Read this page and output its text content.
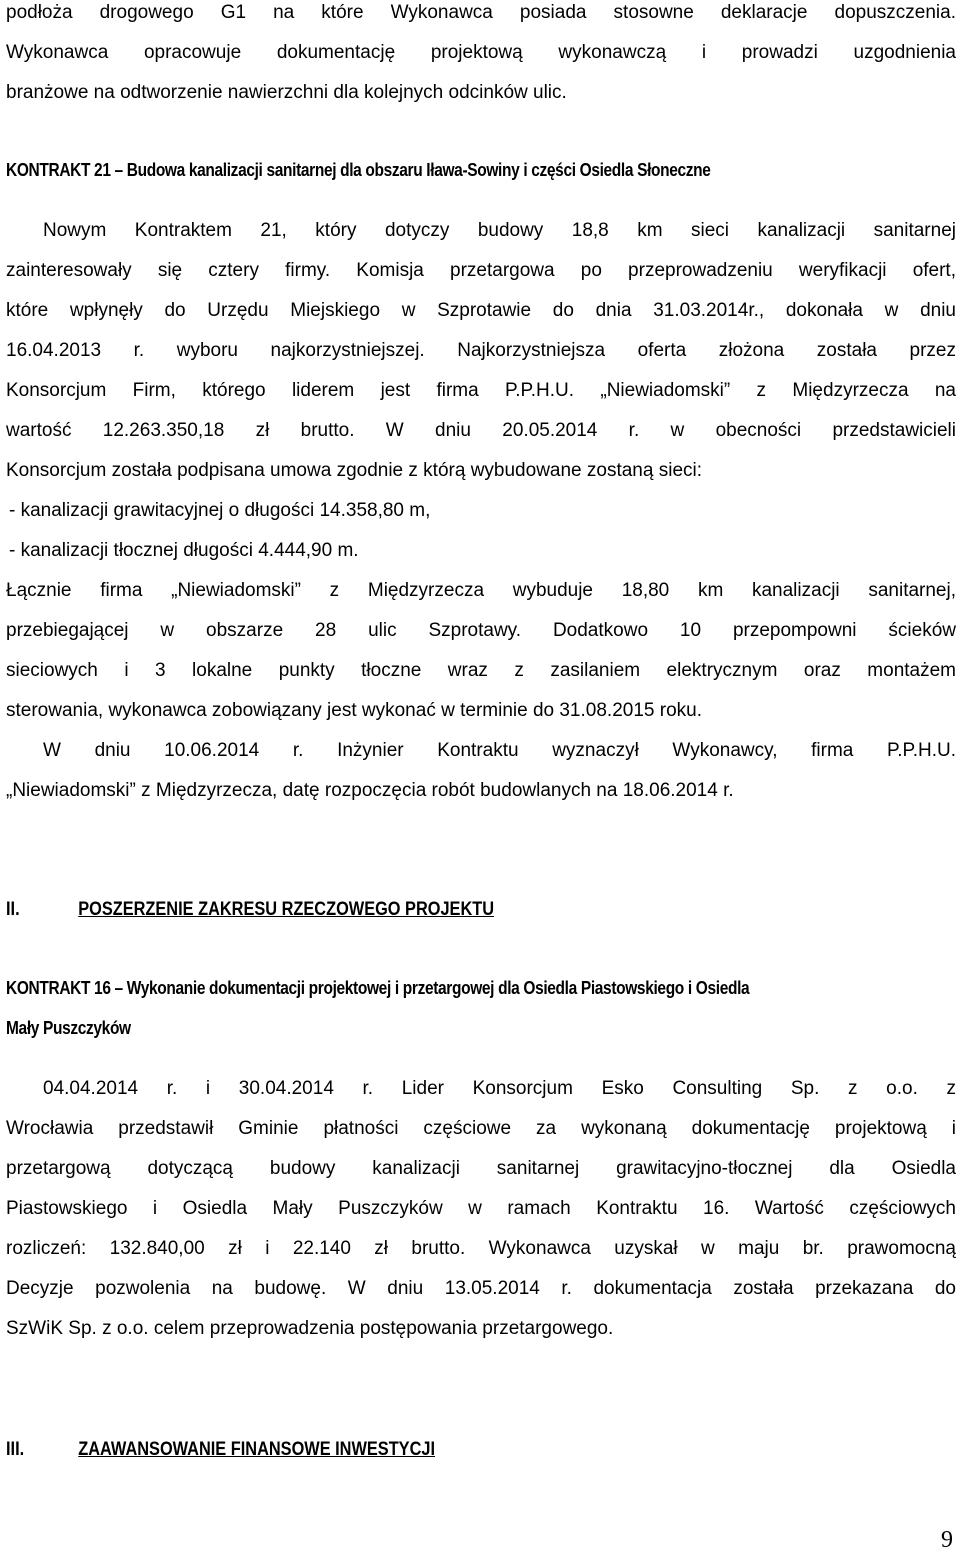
podłoża drogowego G1 na które Wykonawca posiada stosowne deklaracje dopuszczenia.
Wykonawca opracowuje dokumentację projektową wykonawczą i prowadzi uzgodnienia
branżowe na odtworzenie nawierzchni dla kolejnych odcinków ulic.
KONTRAKT 21 – Budowa kanalizacji sanitarnej dla obszaru Iława-Sowiny i części Osiedla Słoneczne
Nowym Kontraktem 21, który dotyczy budowy 18,8 km sieci kanalizacji sanitarnej
zainteresowały się cztery firmy. Komisja przetargowa po przeprowadzeniu weryfikacji ofert,
które wpłynęły do Urzędu Miejskiego w Szprotawie do dnia 31.03.2014r., dokonała w dniu
16.04.2013 r. wyboru najkorzystniejszej. Najkorzystniejsza oferta złożona została przez
Konsorcjum Firm, którego liderem jest firma P.P.H.U. „Niewiadomski” z Międzyrzecza na
wartość 12.263.350,18 zł brutto. W dniu 20.05.2014 r. w obecności przedstawicieli
Konsorcjum została podpisana umowa zgodnie z którą wybudowane zostaną sieci:
- kanalizacji grawitacyjnej o długości 14.358,80 m,
- kanalizacji tłocznej długości 4.444,90 m.
Łącznie firma „Niewiadomski” z Międzyrzecza wybuduje 18,80 km kanalizacji sanitarnej,
przebiegającej w obszarze 28 ulic Szprotawy. Dodatkowo 10 przepompowni ścieków
sieciowych i 3 lokalne punkty tłoczne wraz z zasilaniem elektrycznym oraz montażem
sterowania, wykonawca zobowiązany jest wykonać w terminie do 31.08.2015 roku.
W dniu 10.06.2014 r. Inżynier Kontraktu wyznaczył Wykonawcy, firma P.P.H.U.
„Niewiadomski” z Międzyrzecza, datę rozpoczęcia robót budowlanych na 18.06.2014 r.
II.	POSZERZENIE ZAKRESU RZECZOWEGO PROJEKTU
KONTRAKT 16 – Wykonanie dokumentacji projektowej i przetargowej dla Osiedla Piastowskiego i Osiedla
Mały Puszczyków
04.04.2014 r. i 30.04.2014 r. Lider Konsorcjum Esko Consulting Sp. z o.o. z
Wrocławia przedstawił Gminie płatności częściowe za wykonaną dokumentację projektową i
przetargową dotyczącą budowy kanalizacji sanitarnej grawitacyjno-tłocznej dla Osiedla
Piastowskiego i Osiedla Mały Puszczyków w ramach Kontraktu 16. Wartość częściowych
rozliczeń: 132.840,00 zł i 22.140 zł brutto. Wykonawca uzyskał w maju br. prawomocną
Decyzje pozwolenia na budowę. W dniu 13.05.2014 r. dokumentacja została przekazana do
SzWiK Sp. z o.o. celem przeprowadzenia postępowania przetargowego.
III.	ZAAWANSOWANIE FINANSOWE INWESTYCJI
9
